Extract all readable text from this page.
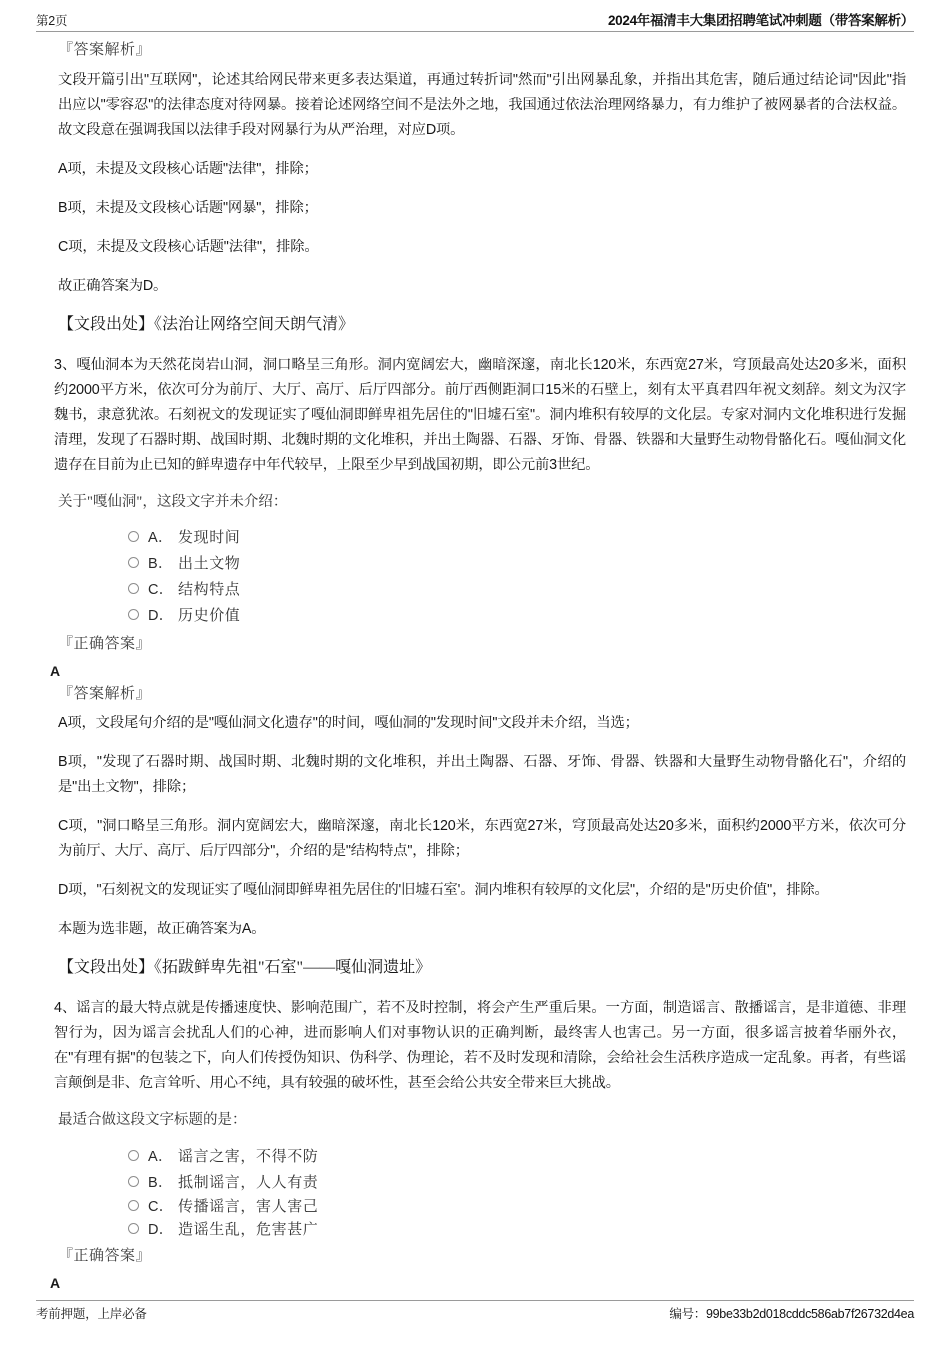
第2页	2024年福清丰大集团招聘笔试冲刺题（带答案解析）
『答案解析』

文段开篇引出"互联网"，论述其给网民带来更多表达渠道，再通过转折词"然而"引出网暴乱象，并指出其危害，随后通过结论词"因此"指出应以"零容忍"的法律态度对待网暴。接着论述网络空间不是法外之地，我国通过依法治理网络暴力，有力维护了被网暴者的合法权益。故文段意在强调我国以法律手段对网暴行为从严治理，对应D项。

A项，未提及文段核心话题"法律"，排除；

B项，未提及文段核心话题"网暴"，排除；

C项，未提及文段核心话题"法律"，排除。

故正确答案为D。

【文段出处】《法治让网络空间天朗气清》

3、嘎仙洞本为天然花岗岩山洞，洞口略呈三角形。洞内宽阔宏大，幽暗深邃，南北长120米，东西宽27米，穹顶最高处达20多米，面积约2000平方米，依次可分为前厅、大厅、高厅、后厅四部分。前厅西侧距洞口15米的石壁上，刻有太平真君四年祝文刻辞。刻文为汉字魏书，隶意犹浓。石刻祝文的发现证实了嘎仙洞即鲜卑祖先居住的"旧墟石室"。洞内堆积有较厚的文化层。专家对洞内文化堆积进行发掘清理，发现了石器时期、战国时期、北魏时期的文化堆积，并出土陶器、石器、牙饰、骨器、铁器和大量野生动物骨骼化石。嘎仙洞文化遗存在目前为止已知的鲜卑遗存中年代较早，上限至少早到战国初期，即公元前3世纪。

关于"嘎仙洞"，这段文字并未介绍：

A． 发现时间
B． 出土文物
C． 结构特点
D． 历史价值
『正确答案』
A
『答案解析』

A项，文段尾句介绍的是"嘎仙洞文化遗存"的时间，嘎仙洞的"发现时间"文段并未介绍，当选；

B项，"发现了石器时期、战国时期、北魏时期的文化堆积，并出土陶器、石器、牙饰、骨器、铁器和大量野生动物骨骼化石"，介绍的是"出土文物"，排除；

C项，"洞口略呈三角形。洞内宽阔宏大，幽暗深邃，南北长120米，东西宽27米，穹顶最高处达20多米，面积约2000平方米，依次可分为前厅、大厅、高厅、后厅四部分"，介绍的是"结构特点"，排除；

D项，"石刻祝文的发现证实了嘎仙洞即鲜卑祖先居住的'旧墟石室'。洞内堆积有较厚的文化层"，介绍的是"历史价值"，排除。

本题为选非题，故正确答案为A。

【文段出处】《拓跋鲜卑先祖"石室"——嘎仙洞遗址》

4、谣言的最大特点就是传播速度快、影响范围广，若不及时控制，将会产生严重后果。一方面，制造谣言、散播谣言，是非道德、非理智行为，因为谣言会扰乱人们的心神，进而影响人们对事物认识的正确判断，最终害人也害己。另一方面，很多谣言披着华丽外衣，在"有理有据"的包装之下，向人们传授伪知识、伪科学、伪理论，若不及时发现和清除，会给社会生活秩序造成一定乱象。再者，有些谣言颠倒是非、危言耸听、用心不纯，具有较强的破坏性，甚至会给公共安全带来巨大挑战。

最适合做这段文字标题的是：

A． 谣言之害，不得不防
B． 抵制谣言，人人有责
C． 传播谣言，害人害己
D． 造谣生乱，危害甚广
『正确答案』
A
考前押题，上岸必备	编号：99be33b2d018cddc586ab7f26732d4ea
